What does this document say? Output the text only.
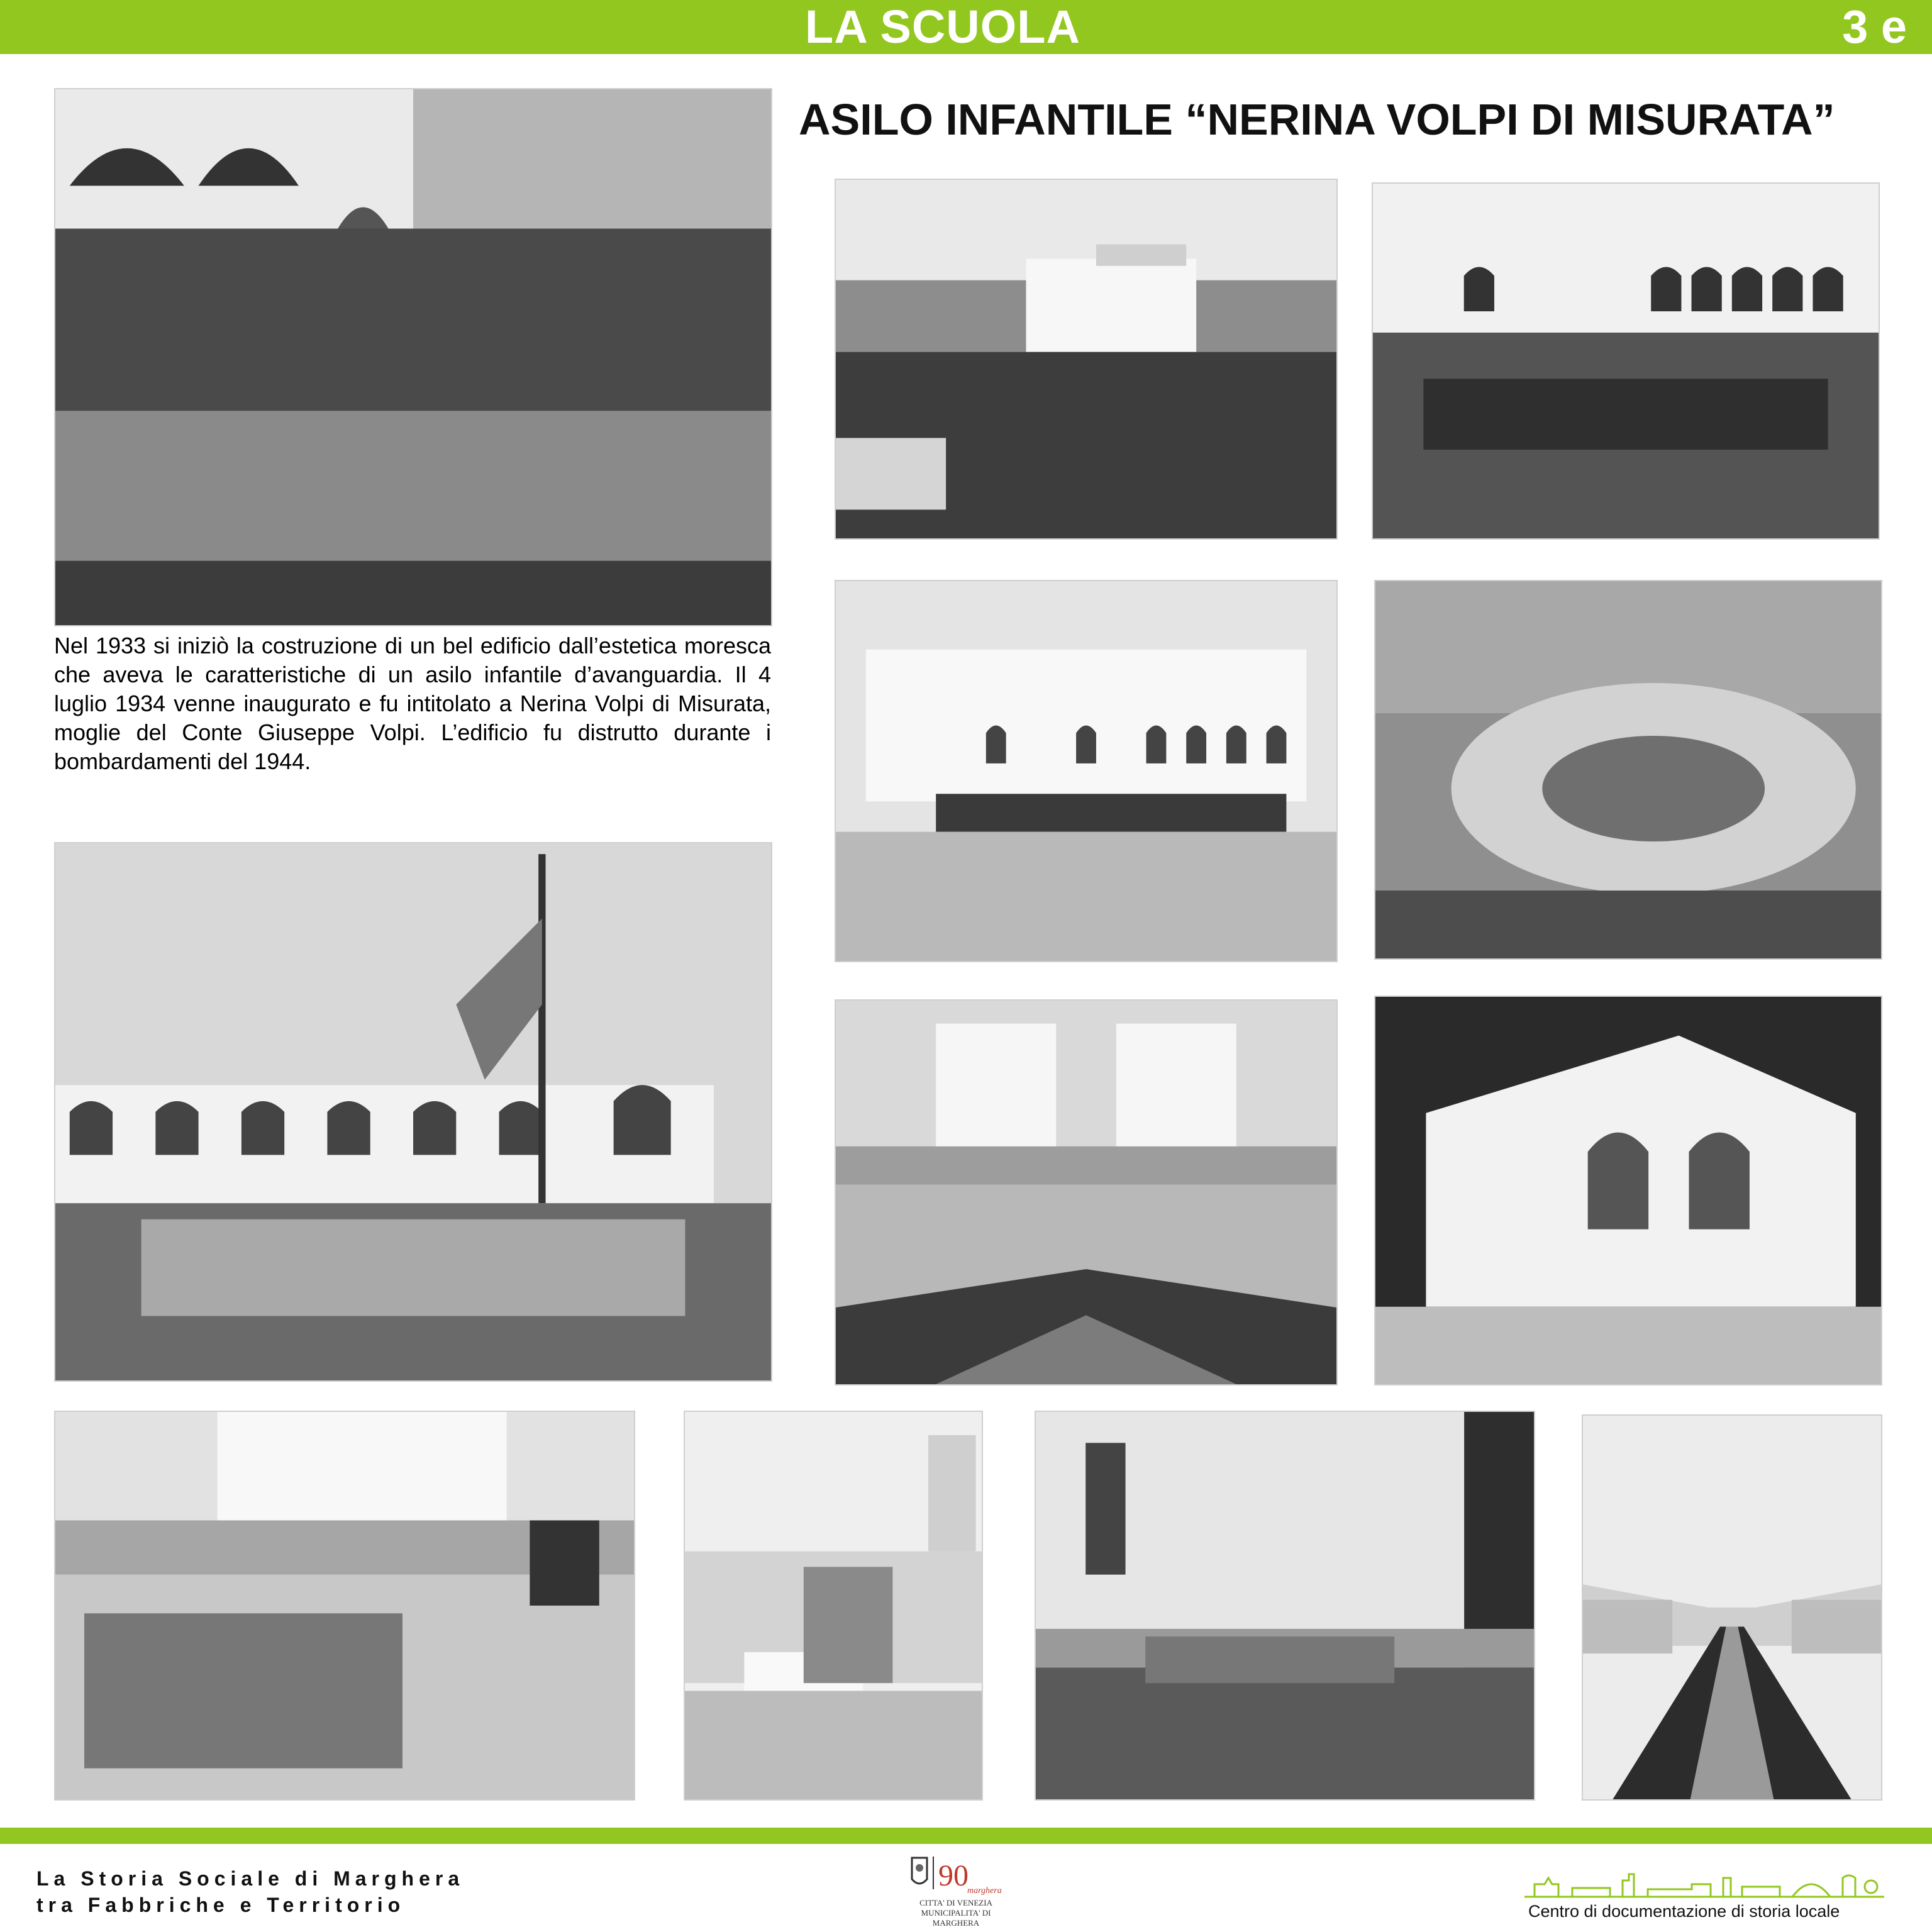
LA SCUOLA	3 e
ASILO INFANTILE “NERINA VOLPI DI MISURATA”
Nel 1933 si iniziò la costruzione di un bel edificio dall’estetica moresca che aveva le caratteristiche di un asilo infantile d’avanguardia. Il 4 luglio 1934 venne inaugurato e fu intitolato a Nerina Volpi di Misurata, moglie del Conte Giuseppe Volpi. L’edificio fu distrutto durante i bombardamenti del 1944.
La Storia Sociale di Marghera
tra Fabbriche e Territorio
90
marghera
CITTA' DI VENEZIA
MUNICIPALITA' DI MARGHERA
Centro di documentazione di storia locale
